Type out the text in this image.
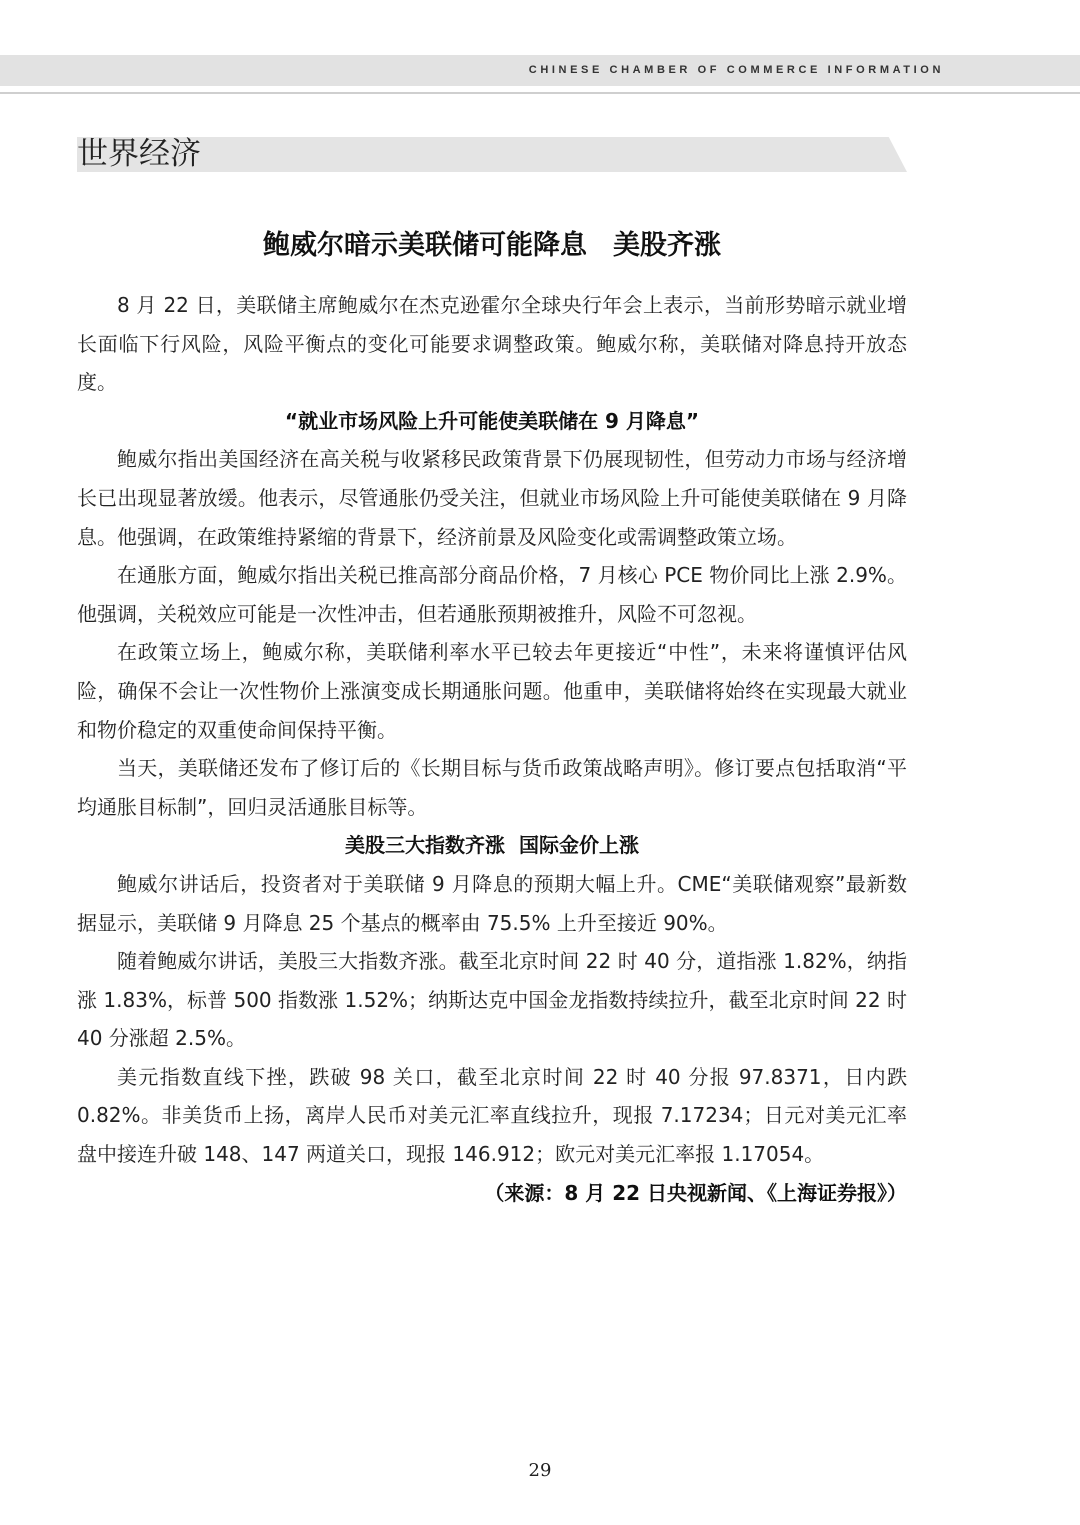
CHINESE CHAMBER OF COMMERCE INFORMATION
世界经济
鲍威尔暗示美联储可能降息 美股齐涨

8 月 22 日，美联储主席鲍威尔在杰克逊霍尔全球央行年会上表示，当前形势暗示就业增长面临下行风险，风险平衡点的变化可能要求调整政策。鲍威尔称，美联储对降息持开放态度。

“就业市场风险上升可能使美联储在 9 月降息”

鲍威尔指出美国经济在高关税与收紧移民政策背景下仍展现韧性，但劳动力市场与经济增长已出现显著放缓。他表示，尽管通胀仍受关注，但就业市场风险上升可能使美联储在 9 月降息。他强调，在政策维持紧缩的背景下，经济前景及风险变化或需调整政策立场。

在通胀方面，鲍威尔指出关税已推高部分商品价格，7 月核心 PCE 物价同比上涨 2.9%。他强调，关税效应可能是一次性冲击，但若通胀预期被推升，风险不可忽视。

在政策立场上，鲍威尔称，美联储利率水平已较去年更接近“中性”，未来将谨慎评估风险，确保不会让一次性物价上涨演变成长期通胀问题。他重申，美联储将始终在实现最大就业和物价稳定的双重使命间保持平衡。

当天，美联储还发布了修订后的《长期目标与货币政策战略声明》。修订要点包括取消“平均通胀目标制”，回归灵活通胀目标等。

美股三大指数齐涨  国际金价上涨

鲍威尔讲话后，投资者对于美联储 9 月降息的预期大幅上升。CME“美联储观察”最新数据显示，美联储 9 月降息 25 个基点的概率由 75.5% 上升至接近 90%。

随着鲍威尔讲话，美股三大指数齐涨。截至北京时间 22 时 40 分，道指涨 1.82%，纳指涨 1.83%，标普 500 指数涨 1.52%；纳斯达克中国金龙指数持续拉升，截至北京时间 22 时 40 分涨超 2.5%。

美元指数直线下挫，跌破 98 关口，截至北京时间 22 时 40 分报 97.8371，日内跌 0.82%。非美货币上扬，离岸人民币对美元汇率直线拉升，现报 7.17234；日元对美元汇率盘中接连升破 148、147 两道关口，现报 146.912；欧元对美元汇率报 1.17054。

（来源：8 月 22 日央视新闻、《上海证券报》）

29
